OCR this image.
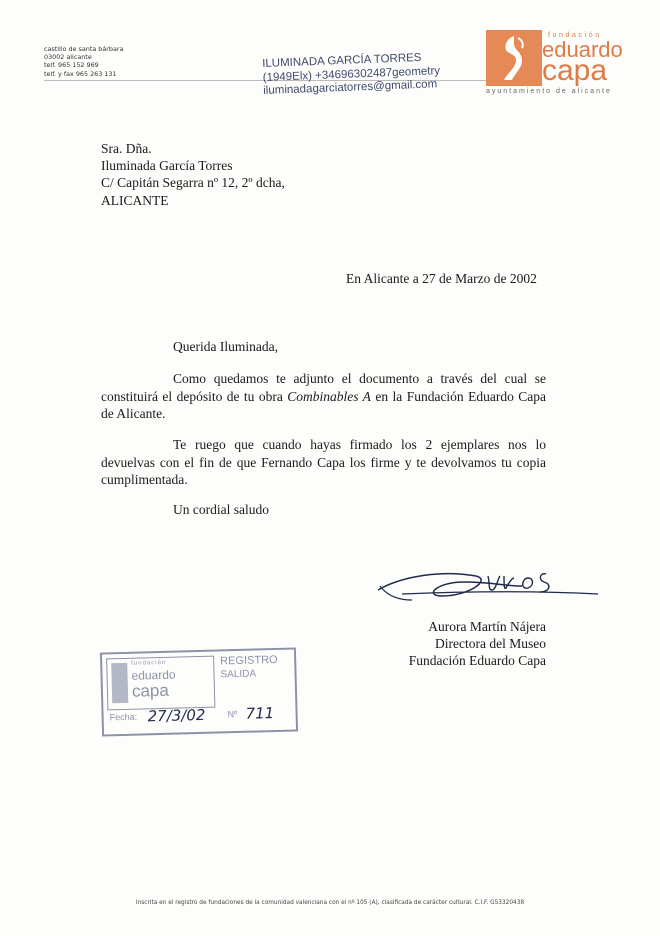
castillo de santa bárbara
03002 alicante
telf. 965 152 969
telf. y fax 965 263 131
ILUMINADA GARCÍA TORRES
(1949Elx) +34696302487geometry
iluminadagarciatorres@gmail.com
fundación
eduardo
capa
ayuntamiento de alicante
Sra. Dña.
Iluminada García Torres
C/ Capitán Segarra nº 12, 2º dcha,
ALICANTE
En Alicante a 27 de Marzo de 2002
Querida Iluminada,
Como quedamos te adjunto el documento a través del cual se constituirá el depósito de tu obra Combinables A en la Fundación Eduardo Capa de Alicante.
Te ruego que cuando hayas firmado los 2 ejemplares nos lo devuelvas con el fin de que Fernando Capa los firme y te devolvamos tu copia cumplimentada.
Un cordial saludo
Aurora Martín Nájera
Directora del Museo
Fundación Eduardo Capa
fundación
eduardo
capa
REGISTRO
SALIDA
Fecha: 27/3/02 Nº 711
Inscrita en el registro de fundaciones de la comunidad valenciana con el nº 105 (A), clasificada de carácter cultural. C.I.F. G53320438
